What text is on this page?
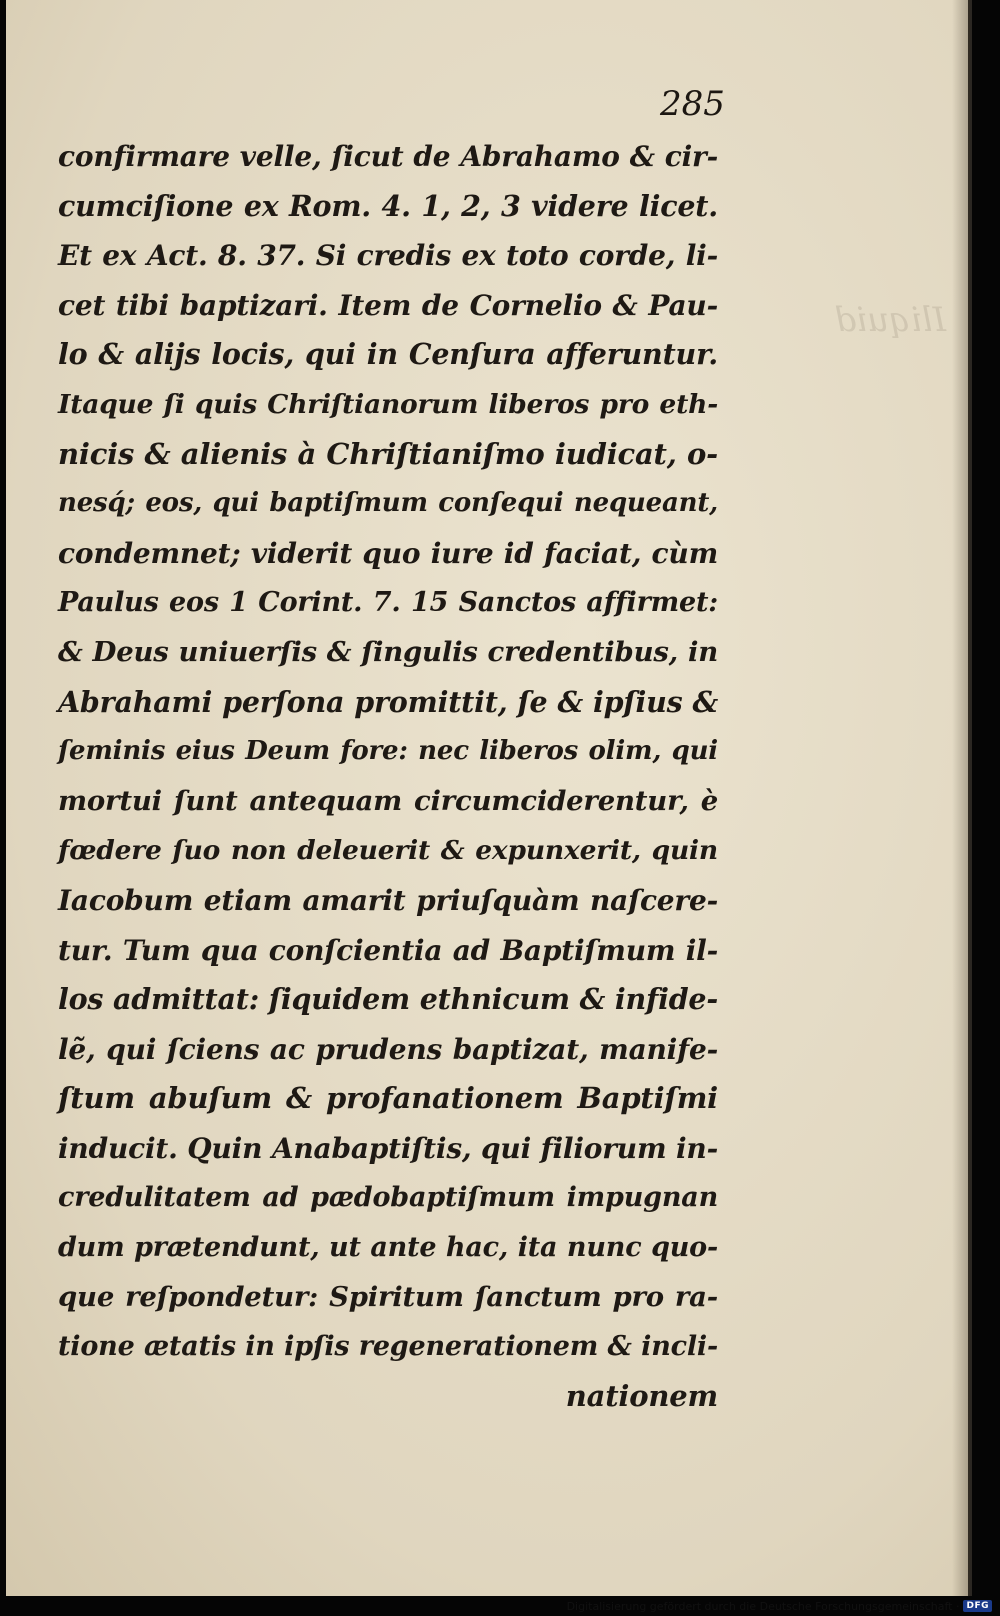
Iliquid
285
confirmare velle, ſicut de Abrahamo & cir-
cumciſione ex Rom. 4. 1, 2, 3 videre licet.
Et ex Act. 8. 37. Si credis ex toto corde, li-
cet tibi baptizari. Item de Cornelio & Pau-
lo & alijs locis, qui in Cenſura afferuntur.
Itaque ſi quis Chriſtianorum liberos pro eth-
nicis & alienis à Chriſtianiſmo iudicat, o-
nesq́; eos, qui baptiſmum conſequi nequeant,
condemnet; viderit quo iure id faciat, cùm
Paulus eos 1 Corint. 7. 15 Sanctos affirmet:
& Deus uniuerſis & ſingulis credentibus, in
Abrahami perſona promittit, ſe & ipſius &
ſeminis eius Deum fore: nec liberos olim, qui
mortui ſunt antequam circumciderentur, è
fœdere ſuo non deleuerit & expunxerit, quin
Iacobum etiam amarit priuſquàm naſcere-
tur. Tum qua conſcientia ad Baptiſmum il-
los admittat: ſiquidem ethnicum & infide-
lẽ, qui ſciens ac prudens baptizat, manife-
ſtum abuſum & profanationem Baptiſmi
inducit. Quin Anabaptiſtis, qui filiorum in-
credulitatem ad pædobaptiſmum impugnan
dum prætendunt, ut ante hac, ita nunc quo-
que reſpondetur: Spiritum ſanctum pro ra-
tione ætatis in ipſis regenerationem & incli-
nationem
Digitalisierung gefördert durch die Deutsche Forschungsgemeinschaft · DFG
